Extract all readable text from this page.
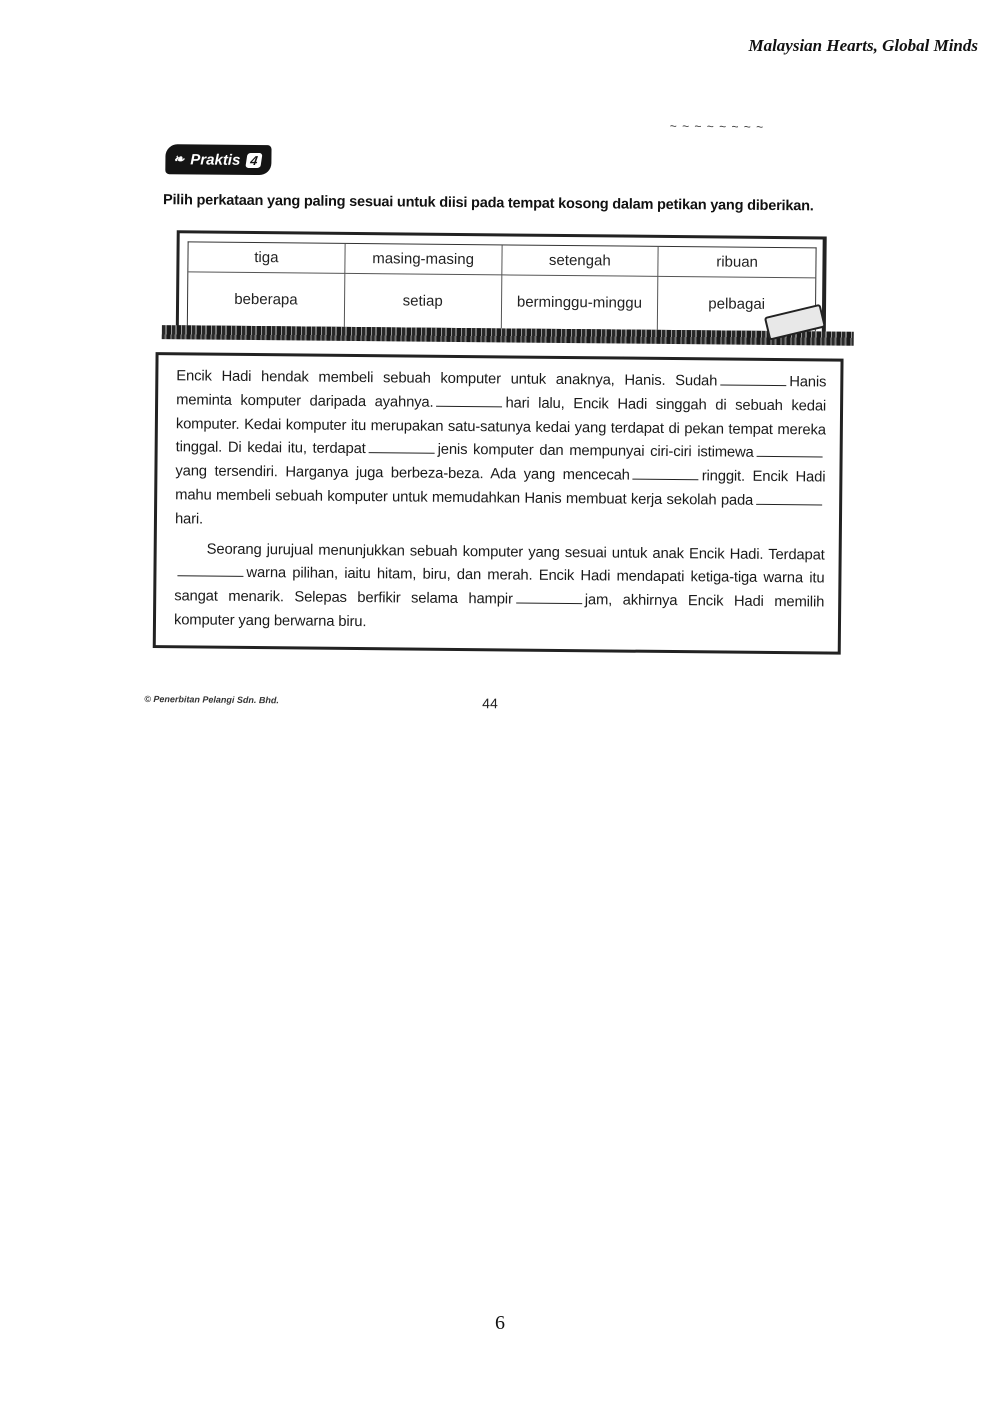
Malaysian Hearts, Global Minds
~ ~ ~ ~ ~ ~ ~ ~
❧ Praktis 4
Pilih perkataan yang paling sesuai untuk diisi pada tempat kosong dalam petikan yang diberikan.
tiga	masing-masing	setengah	ribuan
beberapa	setiap	berminggu-minggu	pelbagai

Encik Hadi hendak membeli sebuah komputer untuk anaknya, Hanis. Sudah	Hanis meminta komputer daripada ayahnya.	hari lalu, Encik Hadi singgah di sebuah kedai komputer. Kedai komputer itu merupakan satu-satunya kedai yang terdapat di pekan tempat mereka tinggal. Di kedai itu, terdapat	jenis komputer dan mempunyai ciri-ciri istimewayang tersendiri. Harganya juga berbeza-beza. Ada yang mencecah	ringgit. Encik Hadi mahu membeli sebuah komputer untuk memudahkan Hanis membuat kerja sekolah padahari.

Seorang jurujual menunjukkan sebuah komputer yang sesuai untuk anak Encik Hadi. Terdapatwarna pilihan, iaitu hitam, biru, dan merah. Encik Hadi mendapati ketiga-tiga warna itu sangat menarik. Selepas berfikir selama hampir	jam, akhirnya Encik Hadi memilih komputer yang berwarna biru.

© Penerbitan Pelangi Sdn. Bhd.	44
6
